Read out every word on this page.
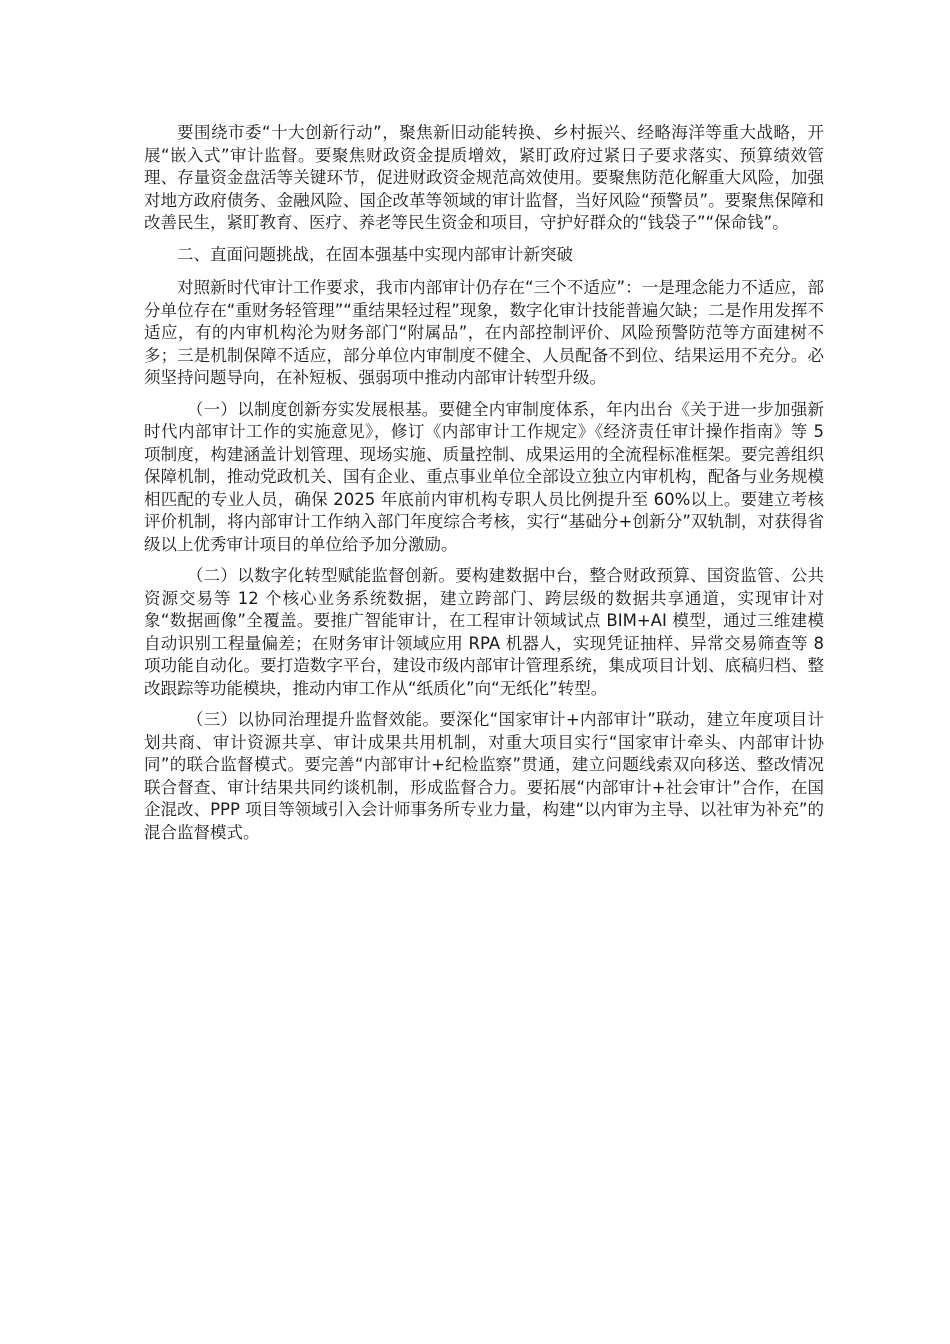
要围绕市委“十大创新行动”，聚焦新旧动能转换、乡村振兴、经略海洋等重大战略，开展“嵌入式”审计监督。要聚焦财政资金提质增效，紧盯政府过紧日子要求落实、预算绩效管理、存量资金盘活等关键环节，促进财政资金规范高效使用。要聚焦防范化解重大风险，加强对地方政府债务、金融风险、国企改革等领域的审计监督，当好风险“预警员”。要聚焦保障和改善民生，紧盯教育、医疗、养老等民生资金和项目，守护好群众的“钱袋子”“保命钱”。

二、直面问题挑战，在固本强基中实现内部审计新突破

对照新时代审计工作要求，我市内部审计仍存在“三个不适应”：一是理念能力不适应，部分单位存在“重财务轻管理”“重结果轻过程”现象，数字化审计技能普遍欠缺；二是作用发挥不适应，有的内审机构沦为财务部门“附属品”，在内部控制评价、风险预警防范等方面建树不多；三是机制保障不适应，部分单位内审制度不健全、人员配备不到位、结果运用不充分。必须坚持问题导向，在补短板、强弱项中推动内部审计转型升级。

（一）以制度创新夯实发展根基。要健全内审制度体系，年内出台《关于进一步加强新时代内部审计工作的实施意见》，修订《内部审计工作规定》《经济责任审计操作指南》等 5 项制度，构建涵盖计划管理、现场实施、质量控制、成果运用的全流程标准框架。要完善组织保障机制，推动党政机关、国有企业、重点事业单位全部设立独立内审机构，配备与业务规模相匹配的专业人员，确保 2025 年底前内审机构专职人员比例提升至 60%以上。要建立考核评价机制，将内部审计工作纳入部门年度综合考核，实行“基础分+创新分”双轨制，对获得省级以上优秀审计项目的单位给予加分激励。

（二）以数字化转型赋能监督创新。要构建数据中台，整合财政预算、国资监管、公共资源交易等 12 个核心业务系统数据，建立跨部门、跨层级的数据共享通道，实现审计对象“数据画像”全覆盖。要推广智能审计，在工程审计领域试点 BIM+AI 模型，通过三维建模自动识别工程量偏差；在财务审计领域应用 RPA 机器人，实现凭证抽样、异常交易筛查等 8 项功能自动化。要打造数字平台，建设市级内部审计管理系统，集成项目计划、底稿归档、整改跟踪等功能模块，推动内审工作从“纸质化”向“无纸化”转型。

（三）以协同治理提升监督效能。要深化“国家审计+内部审计”联动，建立年度项目计划共商、审计资源共享、审计成果共用机制，对重大项目实行“国家审计牵头、内部审计协同”的联合监督模式。要完善“内部审计+纪检监察”贯通，建立问题线索双向移送、整改情况联合督查、审计结果共同约谈机制，形成监督合力。要拓展“内部审计+社会审计”合作，在国企混改、PPP 项目等领域引入会计师事务所专业力量，构建“以内审为主导、以社审为补充”的混合监督模式。
